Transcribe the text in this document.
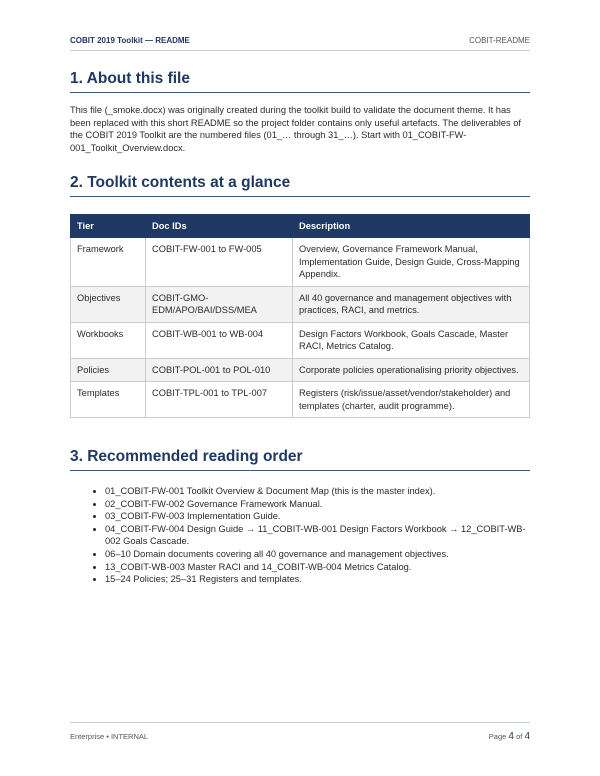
COBIT 2019 Toolkit — README	COBIT-README
1. About this file

This file (_smoke.docx) was originally created during the toolkit build to validate the document theme. It has been replaced with this short README so the project folder contains only useful artefacts. The deliverables of the COBIT 2019 Toolkit are the numbered files (01_… through 31_…). Start with 01_COBIT-FW-001_Toolkit_Overview.docx.

2. Toolkit contents at a glance
Tier	Doc IDs	Description
Framework	COBIT-FW-001 to FW-005	Overview, Governance Framework Manual, Implementation Guide, Design Guide, Cross-Mapping Appendix.
Objectives	COBIT-GMO-EDM/APO/BAI/DSS/MEA	All 40 governance and management objectives with practices, RACI, and metrics.
Workbooks	COBIT-WB-001 to WB-004	Design Factors Workbook, Goals Cascade, Master RACI, Metrics Catalog.
Policies	COBIT-POL-001 to POL-010	Corporate policies operationalising priority objectives.
Templates	COBIT-TPL-001 to TPL-007	Registers (risk/issue/asset/vendor/stakeholder) and templates (charter, audit programme).
3. Recommended reading order
• 01_COBIT-FW-001 Toolkit Overview & Document Map (this is the master index).
• 02_COBIT-FW-002 Governance Framework Manual.
• 03_COBIT-FW-003 Implementation Guide.
• 04_COBIT-FW-004 Design Guide → 11_COBIT-WB-001 Design Factors Workbook → 12_COBIT-WB-002 Goals Cascade.
• 06–10 Domain documents covering all 40 governance and management objectives.
• 13_COBIT-WB-003 Master RACI and 14_COBIT-WB-004 Metrics Catalog.
• 15–24 Policies; 25–31 Registers and templates.
Enterprise • INTERNAL	Page 4 of 4
